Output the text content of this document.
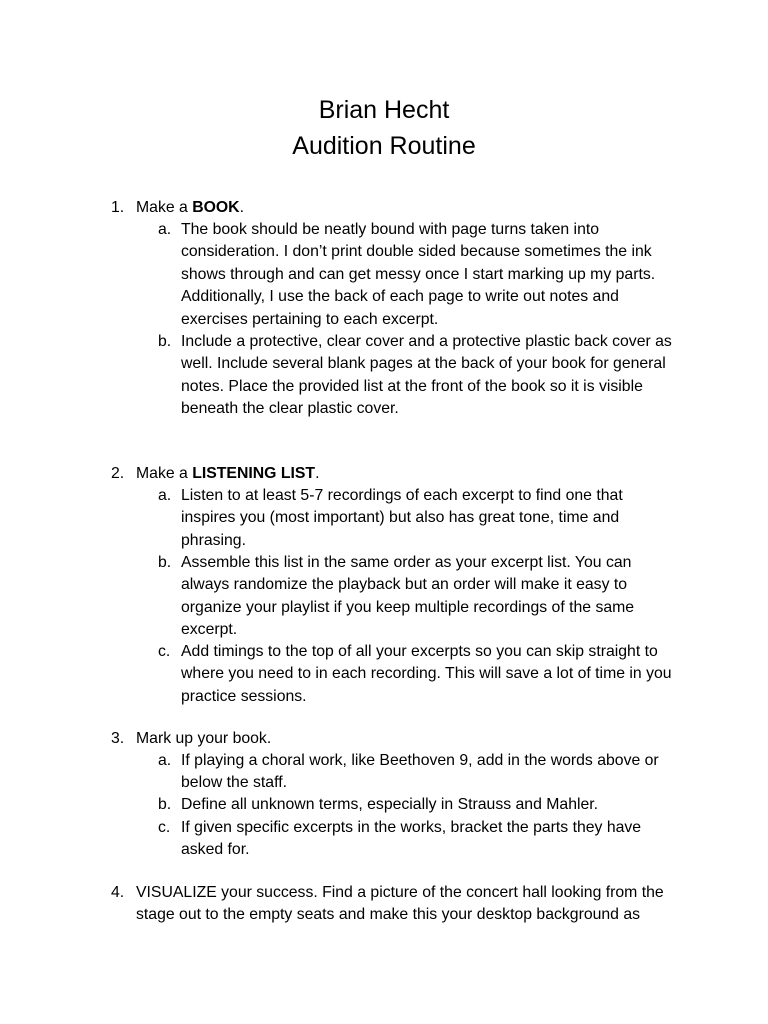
Brian Hecht
Audition Routine
1. Make a BOOK.
a. The book should be neatly bound with page turns taken into consideration. I don’t print double sided because sometimes the ink shows through and can get messy once I start marking up my parts. Additionally, I use the back of each page to write out notes and exercises pertaining to each excerpt.
b. Include a protective, clear cover and a protective plastic back cover as well. Include several blank pages at the back of your book for general notes. Place the provided list at the front of the book so it is visible beneath the clear plastic cover.
2. Make a LISTENING LIST.
a. Listen to at least 5-7 recordings of each excerpt to find one that inspires you (most important) but also has great tone, time and phrasing.
b. Assemble this list in the same order as your excerpt list. You can always randomize the playback but an order will make it easy to organize your playlist if you keep multiple recordings of the same excerpt.
c. Add timings to the top of all your excerpts so you can skip straight to where you need to in each recording. This will save a lot of time in you practice sessions.
3. Mark up your book.
a. If playing a choral work, like Beethoven 9, add in the words above or below the staff.
b. Define all unknown terms, especially in Strauss and Mahler.
c. If given specific excerpts in the works, bracket the parts they have asked for.
4. VISUALIZE your success. Find a picture of the concert hall looking from the stage out to the empty seats and make this your desktop background as
